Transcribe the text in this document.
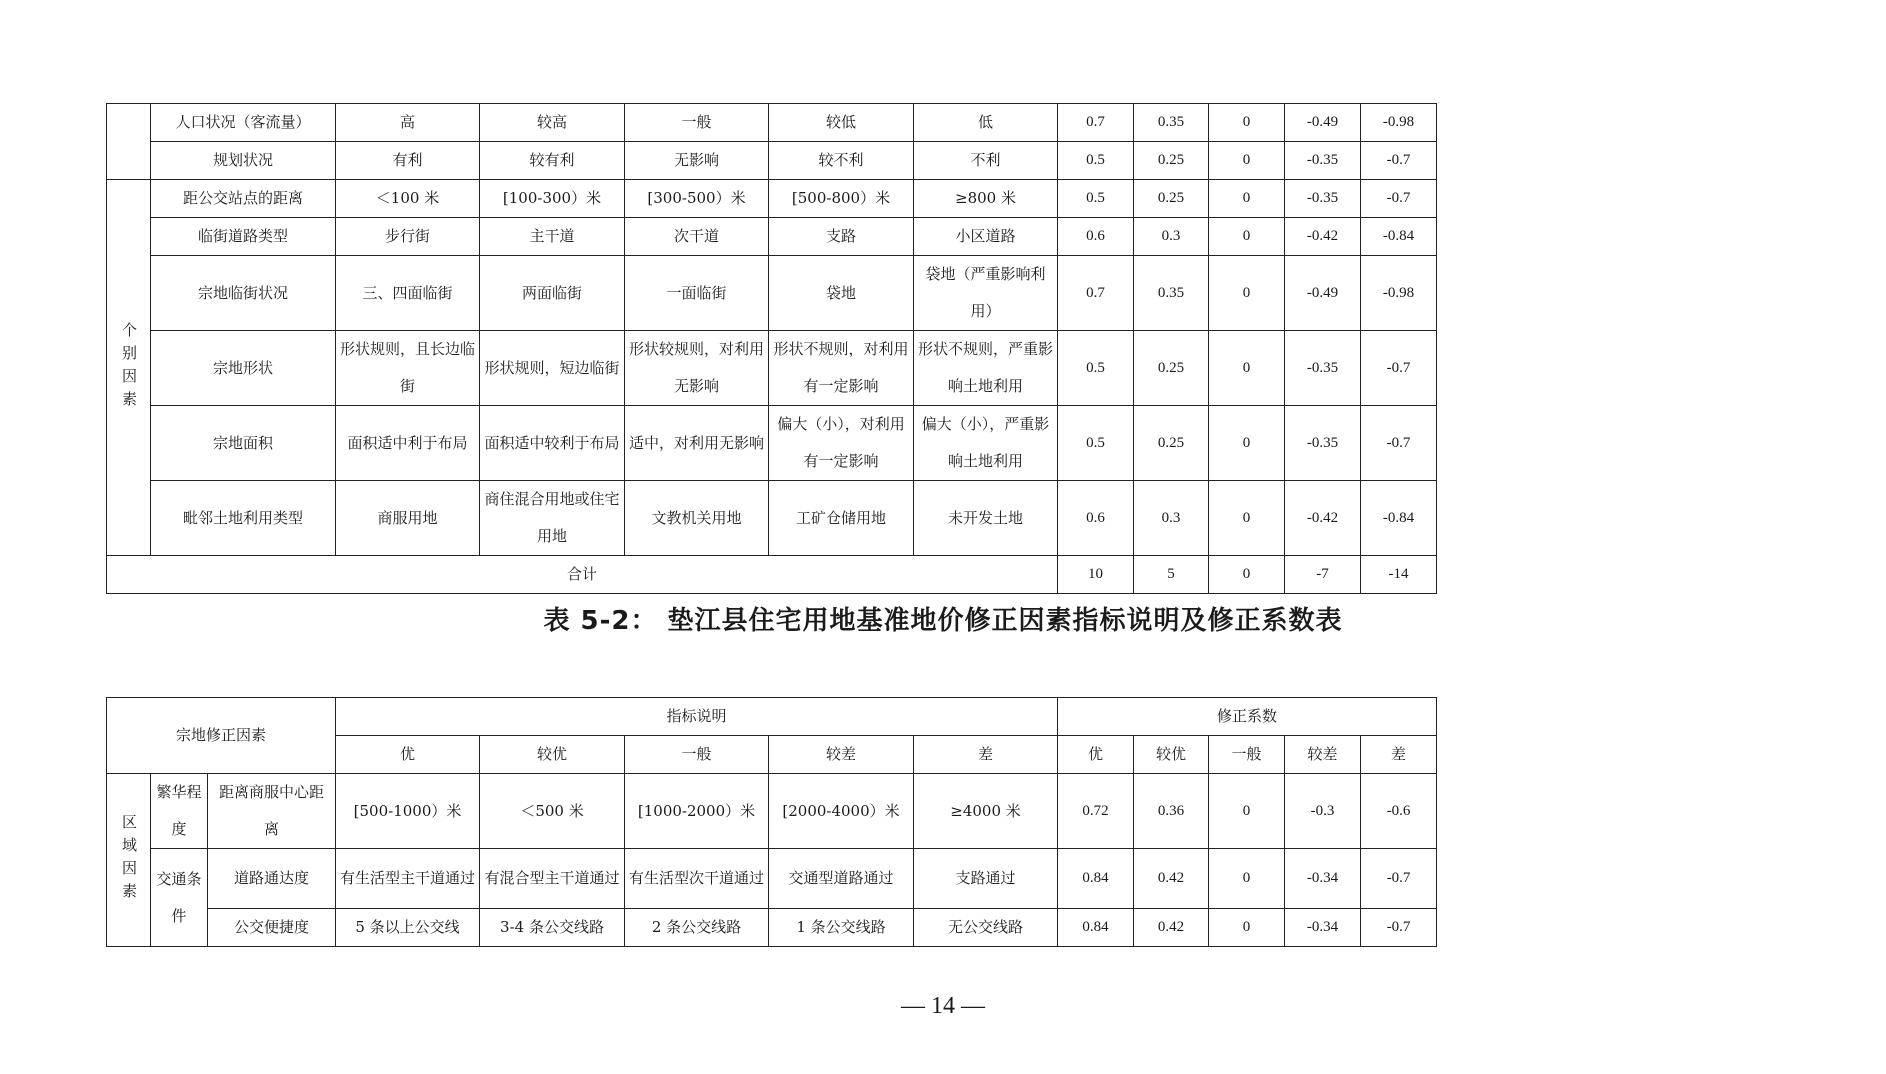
	人口状况（客流量）	高	较高	一般	较低	低	0.7	0.35	0	-0.49	-0.98
	规划状况	有利	较有利	无影响	较不利	不利	0.5	0.25	0	-0.35	-0.7
个别因素	距公交站点的距离	＜100 米	[100-300）米	[300-500）米	[500-800）米	≥800 米	0.5	0.25	0	-0.35	-0.7
	临街道路类型	步行街	主干道	次干道	支路	小区道路	0.6	0.3	0	-0.42	-0.84
	宗地临街状况	三、四面临街	两面临街	一面临街	袋地	袋地（严重影响利用）	0.7	0.35	0	-0.49	-0.98
	宗地形状	形状规则，且长边临街	形状规则，短边临街	形状较规则，对利用无影响	形状不规则，对利用有一定影响	形状不规则，严重影响土地利用	0.5	0.25	0	-0.35	-0.7
	宗地面积	面积适中利于布局	面积适中较利于布局	适中，对利用无影响	偏大（小），对利用有一定影响	偏大（小），严重影响土地利用	0.5	0.25	0	-0.35	-0.7
	毗邻土地利用类型	商服用地	商住混合用地或住宅用地	文教机关用地	工矿仓储用地	未开发土地	0.6	0.3	0	-0.42	-0.84
合计							10	5	0	-7	-14
表 5-2： 垫江县住宅用地基准地价修正因素指标说明及修正系数表
宗地修正因素			指标说明					修正系数				
			优	较优	一般	较差	差	优	较优	一般	较差	差
区域因素	繁华程度	距离商服中心距离	[500-1000）米	＜500 米	[1000-2000）米	[2000-4000）米	≥4000 米	0.72	0.36	0	-0.3	-0.6
	交通条件	道路通达度	有生活型主干道通过	有混合型主干道通过	有生活型次干道通过	交通型道路通过	支路通过	0.84	0.42	0	-0.34	-0.7
		公交便捷度	5 条以上公交线	3-4 条公交线路	2 条公交线路	1 条公交线路	无公交线路	0.84	0.42	0	-0.34	-0.7
— 14 —
